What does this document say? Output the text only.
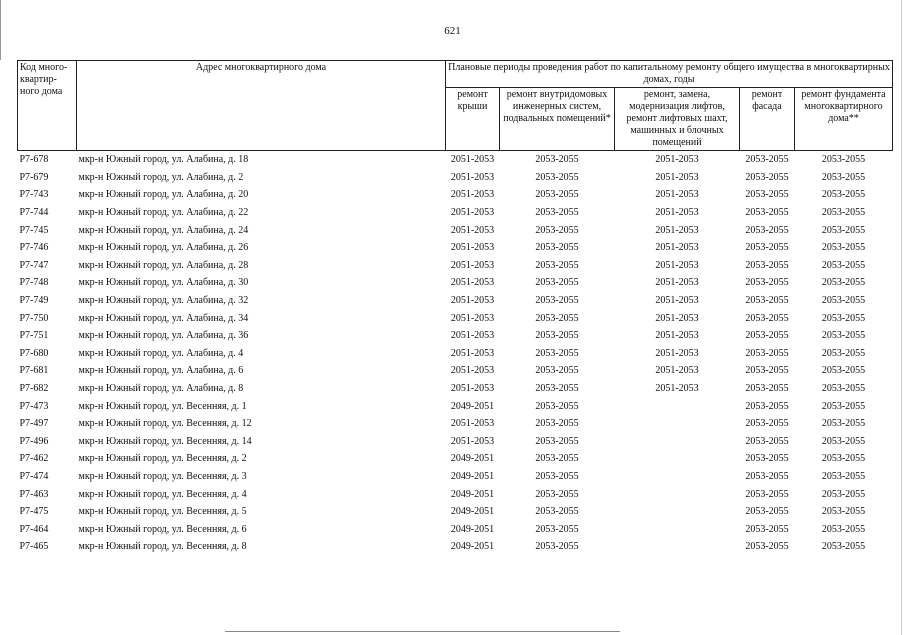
621
Код много-квартир-ного дома	Адрес многоквартирного дома	Плановые периоды проведения работ по капитальному ремонту общего имущества в многоквартирных домах, годы				
		ремонт крыши	ремонт внутридомовых инженерных систем, подвальных помещений*	ремонт, замена, модернизация лифтов, ремонт лифтовых шахт, машинных и блочных помещений	ремонт фасада	ремонт фундамента многоквартирного дома**
Р7-678	мкр-н Южный город, ул. Алабина, д. 18	2051-2053	2053-2055	2051-2053	2053-2055	2053-2055
Р7-679	мкр-н Южный город, ул. Алабина, д. 2	2051-2053	2053-2055	2051-2053	2053-2055	2053-2055
Р7-743	мкр-н Южный город, ул. Алабина, д. 20	2051-2053	2053-2055	2051-2053	2053-2055	2053-2055
Р7-744	мкр-н Южный город, ул. Алабина, д. 22	2051-2053	2053-2055	2051-2053	2053-2055	2053-2055
Р7-745	мкр-н Южный город, ул. Алабина, д. 24	2051-2053	2053-2055	2051-2053	2053-2055	2053-2055
Р7-746	мкр-н Южный город, ул. Алабина, д. 26	2051-2053	2053-2055	2051-2053	2053-2055	2053-2055
Р7-747	мкр-н Южный город, ул. Алабина, д. 28	2051-2053	2053-2055	2051-2053	2053-2055	2053-2055
Р7-748	мкр-н Южный город, ул. Алабина, д. 30	2051-2053	2053-2055	2051-2053	2053-2055	2053-2055
Р7-749	мкр-н Южный город, ул. Алабина, д. 32	2051-2053	2053-2055	2051-2053	2053-2055	2053-2055
Р7-750	мкр-н Южный город, ул. Алабина, д. 34	2051-2053	2053-2055	2051-2053	2053-2055	2053-2055
Р7-751	мкр-н Южный город, ул. Алабина, д. 36	2051-2053	2053-2055	2051-2053	2053-2055	2053-2055
Р7-680	мкр-н Южный город, ул. Алабина, д. 4	2051-2053	2053-2055	2051-2053	2053-2055	2053-2055
Р7-681	мкр-н Южный город, ул. Алабина, д. 6	2051-2053	2053-2055	2051-2053	2053-2055	2053-2055
Р7-682	мкр-н Южный город, ул. Алабина, д. 8	2051-2053	2053-2055	2051-2053	2053-2055	2053-2055
Р7-473	мкр-н Южный город, ул. Весенняя, д. 1	2049-2051	2053-2055		2053-2055	2053-2055
Р7-497	мкр-н Южный город, ул. Весенняя, д. 12	2051-2053	2053-2055		2053-2055	2053-2055
Р7-496	мкр-н Южный город, ул. Весенняя, д. 14	2051-2053	2053-2055		2053-2055	2053-2055
Р7-462	мкр-н Южный город, ул. Весенняя, д. 2	2049-2051	2053-2055		2053-2055	2053-2055
Р7-474	мкр-н Южный город, ул. Весенняя, д. 3	2049-2051	2053-2055		2053-2055	2053-2055
Р7-463	мкр-н Южный город, ул. Весенняя, д. 4	2049-2051	2053-2055		2053-2055	2053-2055
Р7-475	мкр-н Южный город, ул. Весенняя, д. 5	2049-2051	2053-2055		2053-2055	2053-2055
Р7-464	мкр-н Южный город, ул. Весенняя, д. 6	2049-2051	2053-2055		2053-2055	2053-2055
Р7-465	мкр-н Южный город, ул. Весенняя, д. 8	2049-2051	2053-2055		2053-2055	2053-2055
